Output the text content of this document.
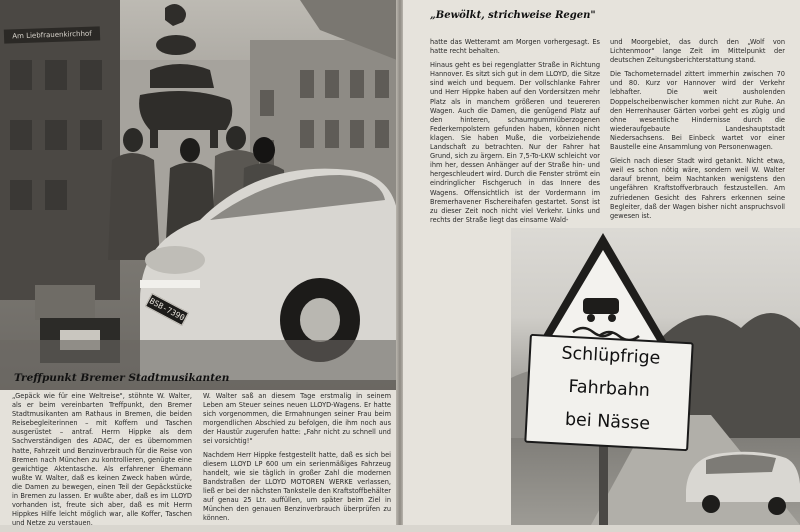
Am Liebfrauenkirchhof
BSB-7390
Treffpunkt Bremer Stadtmusikanten

„Gepäck wie für eine Weltreise", stöhnte W. Walter, als er beim vereinbarten Treffpunkt, den Bremer Stadtmusikanten am Rathaus in Bremen, die beiden Reisebegleiterinnen – mit Koffern und Taschen ausgerüstet – antraf. Herrn Hippke als dem Sachverständigen des ADAC, der es übernommen hatte, Fahrzeit und Benzinverbrauch für die Reise von Bremen nach München zu kontrollieren, genügte eine gewichtige Aktentasche. Als erfahrener Ehemann wußte W. Walter, daß es keinen Zweck haben würde, die Damen zu bewegen, einen Teil der Gepäckstücke in Bremen zu lassen. Er wußte aber, daß es im LLOYD vorhanden ist, freute sich aber, daß es mit Herrn Hippkes Hilfe leicht möglich war, alle Koffer, Taschen und Netze zu verstauen.

W. Walter saß an diesem Tage erstmalig in seinem Leben am Steuer seines neuen LLOYD-Wagens. Er hatte sich vorgenommen, die Ermahnungen seiner Frau beim morgendlichen Abschied zu befolgen, die ihm noch aus der Haustür zugerufen hatte: „Fahr nicht zu schnell und sei vorsichtig!"

Nachdem Herr Hippke festgestellt hatte, daß es sich bei diesem LLOYD LP 600 um ein serienmäßiges Fahrzeug handelt, wie sie täglich in großer Zahl die modernen Bandstraßen der LLOYD MOTOREN WERKE verlassen, ließ er bei der nächsten Tankstelle den Kraftstoffbehälter auf genau 25 Ltr. auffüllen, um später beim Ziel in München den genauen Benzinverbrauch überprüfen zu können.

„Bewölkt, strichweise Regen"

hatte das Wetteramt am Morgen vorhergesagt. Es hatte recht behalten.

Hinaus geht es bei regenglatter Straße in Richtung Hannover. Es sitzt sich gut in dem LLOYD, die Sitze sind weich und bequem. Der vollschlanke Fahrer und Herr Hippke haben auf den Vordersitzen mehr Platz als in manchem größeren und teuereren Wagen. Auch die Damen, die genügend Platz auf den hinteren, schaumgummiüberzogenen Federkernpolstern gefunden haben, können nicht klagen. Sie haben Muße, die vorbeiziehende Landschaft zu betrachten. Nur der Fahrer hat Grund, sich zu ärgern. Ein 7,5-To-LKW schleicht vor ihm her, dessen Anhänger auf der Straße hin- und hergeschleudert wird. Durch die Fenster strömt ein eindringlicher Fischgeruch in das Innere des Wagens. Offensichtlich ist der Vordermann im Bremerhavener Fischereihafen gestartet. Sonst ist zu dieser Zeit noch nicht viel Verkehr. Links und rechts der Straße liegt das einsame Wald-

und Moorgebiet, das durch den „Wolf von Lichtenmoor" lange Zeit im Mittelpunkt der deutschen Zeitungsberichterstattung stand.

Die Tachometernadel zittert immerhin zwischen 70 und 80. Kurz vor Hannover wird der Verkehr lebhafter. Die weit ausholenden Doppelscheibenwischer kommen nicht zur Ruhe. An den Herrenhauser Gärten vorbei geht es zügig und ohne wesentliche Hindernisse durch die wiederaufgebaute Landeshauptstadt Niedersachsens. Bei Einbeck wartet vor einer Baustelle eine Ansammlung von Personenwagen.

Gleich nach dieser Stadt wird getankt. Nicht etwa, weil es schon nötig wäre, sondern weil W. Walter darauf brennt, beim Nachtanken wenigstens den ungefähren Kraftstoffverbrauch festzustellen. Am zufriedenen Gesicht des Fahrers erkennen seine Begleiter, daß der Wagen bisher nicht anspruchsvoll gewesen ist.

Schlüpfrige
Fahrbahn
bei Nässe
